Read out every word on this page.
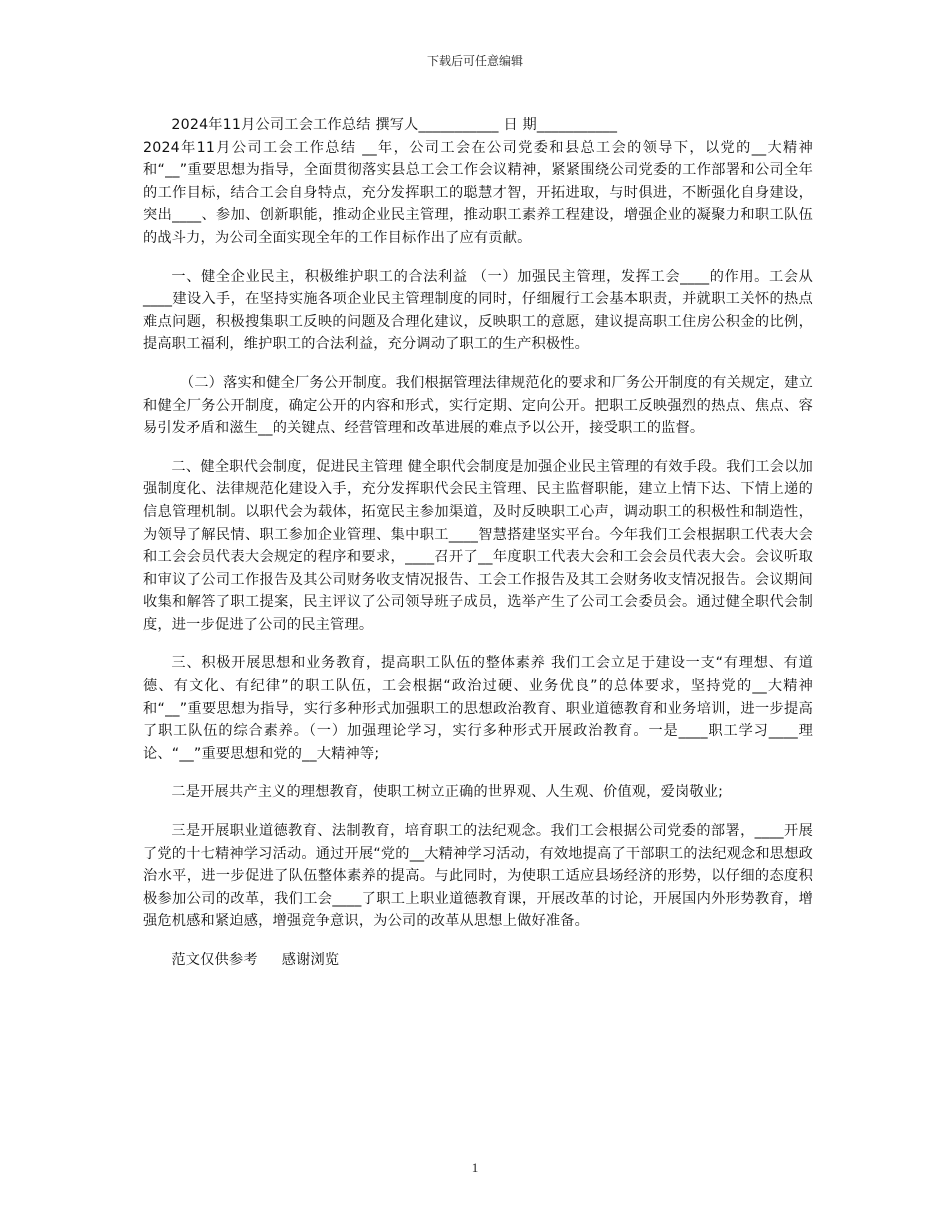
下载后可任意编辑

2024年11月公司工会工作总结 撰写人___________ 日 期___________

2024年11月公司工会工作总结 __年，公司工会在公司党委和县总工会的领导下，以党的__大精神和“__”重要思想为指导，全面贯彻落实县总工会工作会议精神，紧紧围绕公司党委的工作部署和公司全年的工作目标，结合工会自身特点，充分发挥职工的聪慧才智，开拓进取，与时俱进，不断强化自身建设，突出____、参加、创新职能，推动企业民主管理，推动职工素养工程建设，增强企业的凝聚力和职工队伍的战斗力，为公司全面实现全年的工作目标作出了应有贡献。

一、健全企业民主，积极维护职工的合法利益 （一）加强民主管理，发挥工会____的作用。工会从____建设入手，在坚持实施各项企业民主管理制度的同时，仔细履行工会基本职责，并就职工关怀的热点难点问题，积极搜集职工反映的问题及合理化建议，反映职工的意愿，建议提高职工住房公积金的比例，提高职工福利，维护职工的合法利益，充分调动了职工的生产积极性。

（二）落实和健全厂务公开制度。我们根据管理法律规范化的要求和厂务公开制度的有关规定，建立和健全厂务公开制度，确定公开的内容和形式，实行定期、定向公开。把职工反映强烈的热点、焦点、容易引发矛盾和滋生__的关键点、经营管理和改革进展的难点予以公开，接受职工的监督。

二、健全职代会制度，促进民主管理 健全职代会制度是加强企业民主管理的有效手段。我们工会以加强制度化、法律规范化建设入手，充分发挥职代会民主管理、民主监督职能，建立上情下达、下情上递的信息管理机制。以职代会为载体，拓宽民主参加渠道，及时反映职工心声，调动职工的积极性和制造性，为领导了解民情、职工参加企业管理、集中职工____智慧搭建坚实平台。今年我们工会根据职工代表大会和工会会员代表大会规定的程序和要求，____召开了__年度职工代表大会和工会会员代表大会。会议听取和审议了公司工作报告及其公司财务收支情况报告、工会工作报告及其工会财务收支情况报告。会议期间收集和解答了职工提案，民主评议了公司领导班子成员，选举产生了公司工会委员会。通过健全职代会制度，进一步促进了公司的民主管理。

三、积极开展思想和业务教育，提高职工队伍的整体素养 我们工会立足于建设一支“有理想、有道德、有文化、有纪律”的职工队伍，工会根据“政治过硬、业务优良”的总体要求，坚持党的__大精神和“__”重要思想为指导，实行多种形式加强职工的思想政治教育、职业道德教育和业务培训，进一步提高了职工队伍的综合素养。（一）加强理论学习，实行多种形式开展政治教育。一是____职工学习____理论、“__”重要思想和党的__大精神等;

二是开展共产主义的理想教育，使职工树立正确的世界观、人生观、价值观，爱岗敬业;

三是开展职业道德教育、法制教育，培育职工的法纪观念。我们工会根据公司党委的部署，____开展了党的十七精神学习活动。通过开展“党的__大精神学习活动，有效地提高了干部职工的法纪观念和思想政治水平，进一步促进了队伍整体素养的提高。与此同时，为使职工适应县场经济的形势，以仔细的态度积极参加公司的改革，我们工会____了职工上职业道德教育课，开展改革的讨论，开展国内外形势教育，增强危机感和紧迫感，增强竞争意识，为公司的改革从思想上做好准备。

范文仅供参考 感谢浏览

1
